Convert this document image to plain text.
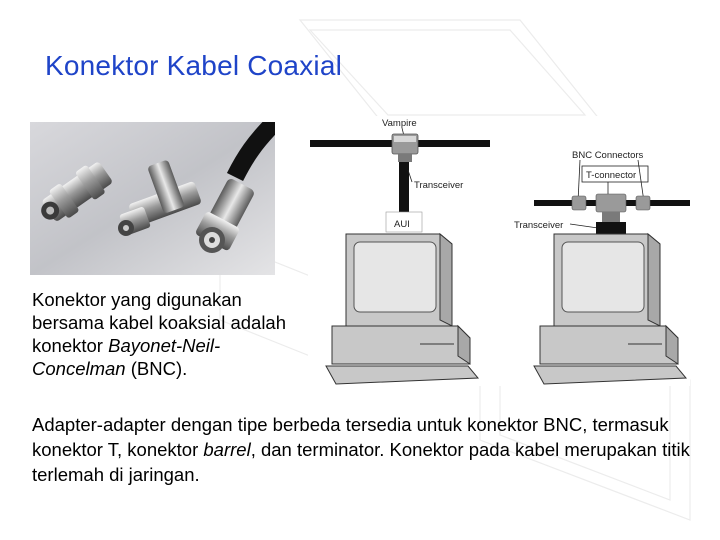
Konektor Kabel Coaxial
Vampire
Transceiver
AUI
BNC Connectors
T-connector
Transceiver

Konektor yang digunakan bersama kabel koaksial adalah konektor Bayonet-Neil- Concelman (BNC).

Adapter-adapter dengan tipe berbeda tersedia untuk konektor BNC, termasuk konektor T, konektor barrel, dan terminator. Konektor pada kabel merupakan titik terlemah di jaringan.
